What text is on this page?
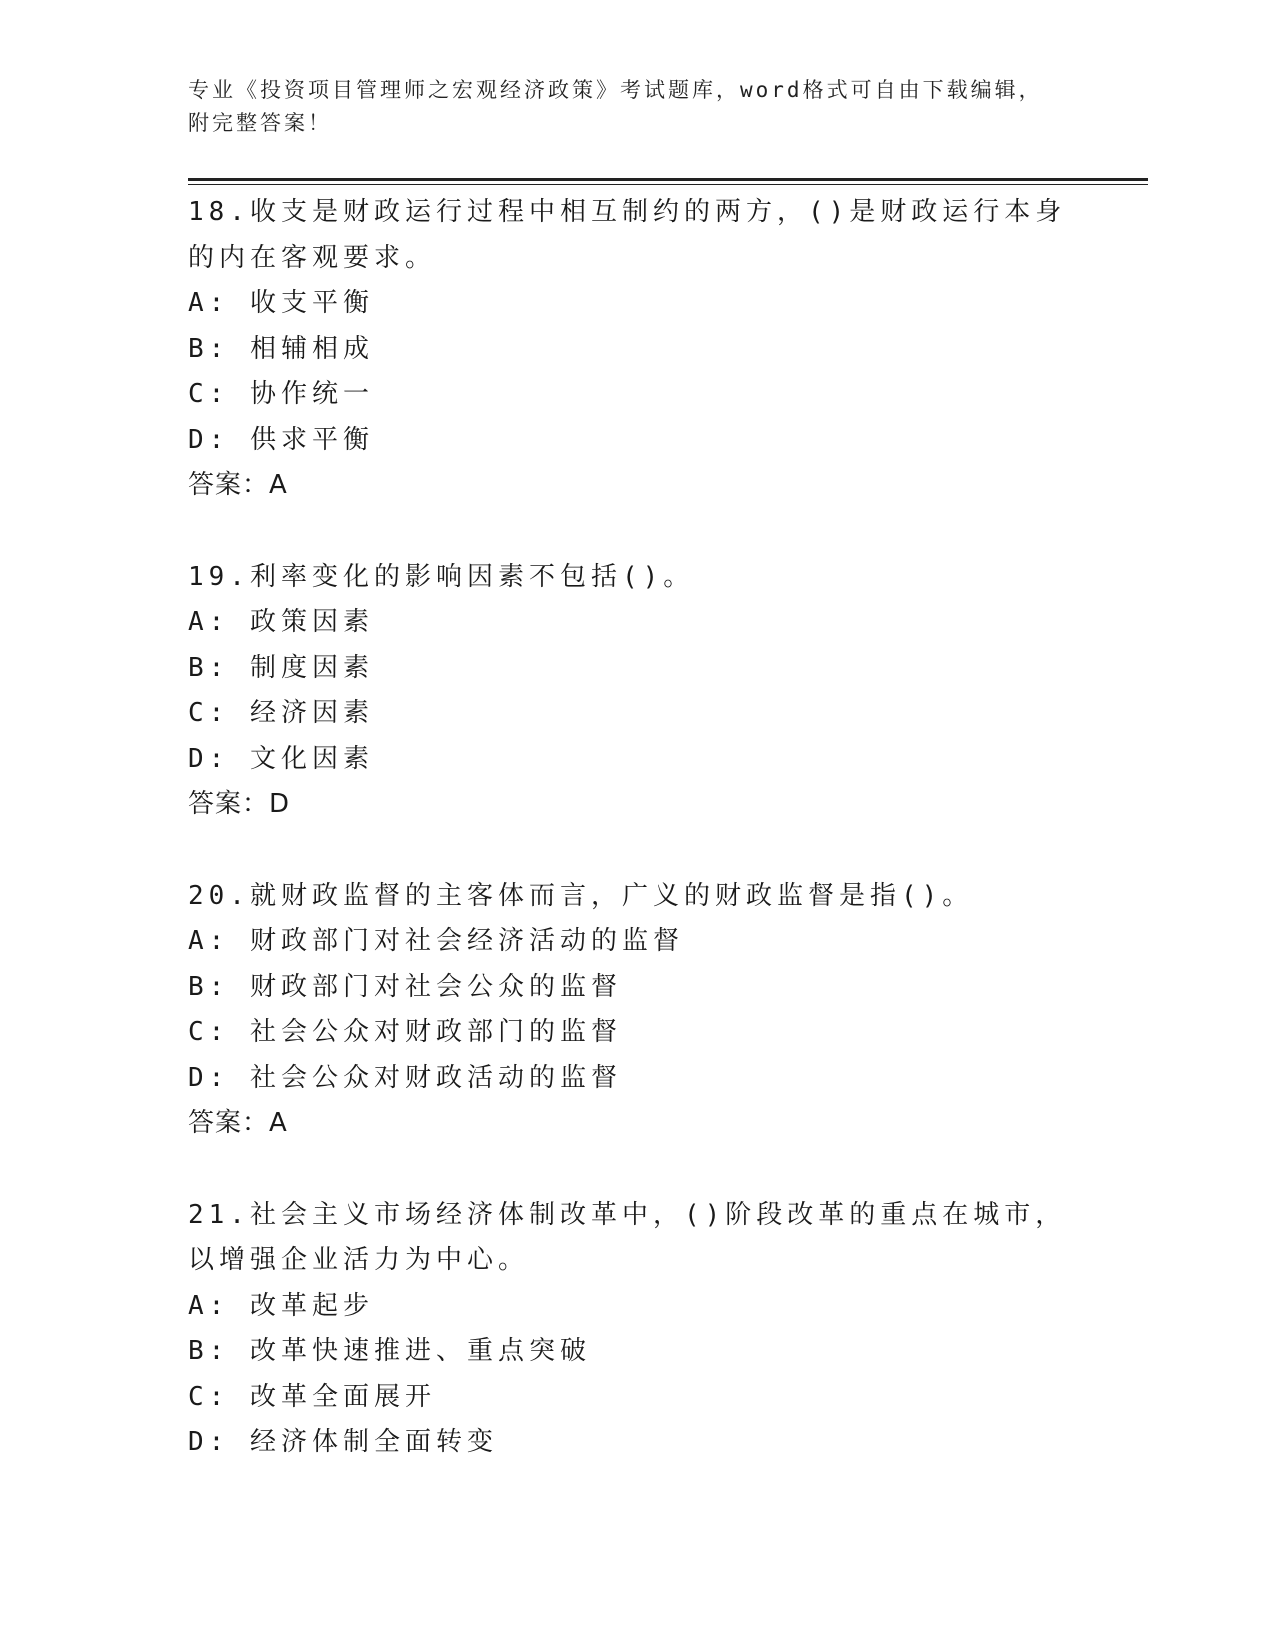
专业《投资项目管理师之宏观经济政策》考试题库，word格式可自由下载编辑，
附完整答案！
18.收支是财政运行过程中相互制约的两方，()是财政运行本身的内在客观要求。
A: 收支平衡
B: 相辅相成
C: 协作统一
D: 供求平衡
答案：A
19.利率变化的影响因素不包括()。
A: 政策因素
B: 制度因素
C: 经济因素
D: 文化因素
答案：D
20.就财政监督的主客体而言，广义的财政监督是指()。
A: 财政部门对社会经济活动的监督
B: 财政部门对社会公众的监督
C: 社会公众对财政部门的监督
D: 社会公众对财政活动的监督
答案：A
21.社会主义市场经济体制改革中，()阶段改革的重点在城市，以增强企业活力为中心。
A: 改革起步
B: 改革快速推进、重点突破
C: 改革全面展开
D: 经济体制全面转变
